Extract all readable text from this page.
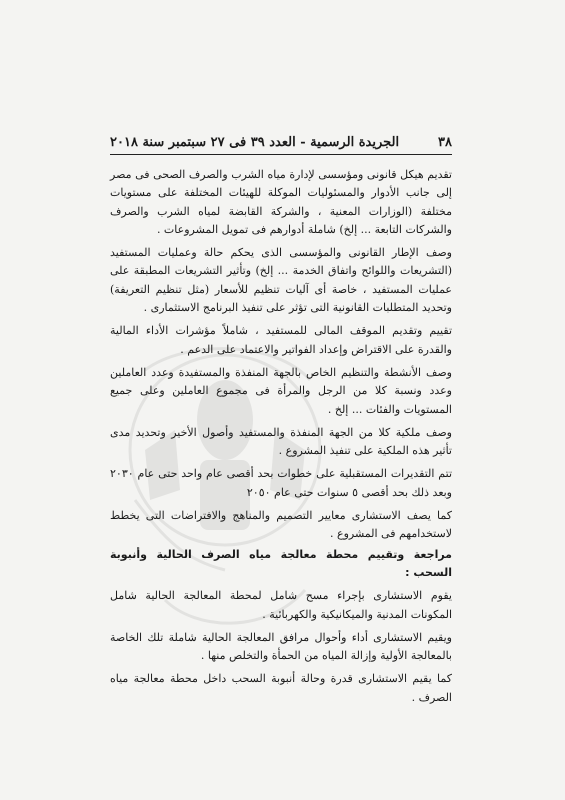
الجريدة الرسمية - العدد ٣٩ فى ٢٧ سبتمبر سنة ٢٠١٨	٣٨

تقديم هيكل قانونى ومؤسسى لإدارة مياه الشرب والصرف الصحى فى مصر إلى جانب الأدوار والمسئوليات الموكلة للهيئات المختلفة على مستويات مختلفة (الوزارات المعنية ، والشركة القابضة لمياه الشرب والصرف والشركات التابعة ... إلخ) شاملة أدوارهم فى تمويل المشروعات .

وصف الإطار القانونى والمؤسسى الذى يحكم حالة وعمليات المستفيد (التشريعات واللوائح واتفاق الخدمة ... إلخ) وتأثير التشريعات المطبقة على عمليات المستفيد ، خاصة أى آليات تنظيم للأسعار (مثل تنظيم التعريفة) وتحديد المتطلبات القانونية التى تؤثر على تنفيذ البرنامج الاستثمارى .

تقييم وتقديم الموقف المالى للمستفيد ، شاملاً مؤشرات الأداء المالية والقدرة على الاقتراض وإعداد الفواتير والاعتماد على الدعم .

وصف الأنشطة والتنظيم الخاص بالجهة المنفذة والمستفيدة وعدد العاملين وعدد ونسبة كلا من الرجل والمرأة فى مجموع العاملين وعلى جميع المستويات والفئات ... إلخ .

وصف ملكية كلا من الجهة المنفذة والمستفيد وأصول الأخير وتحديد مدى تأثير هذه الملكية على تنفيذ المشروع .

تتم التقديرات المستقبلية على خطوات بحد أقصى عام واحد حتى عام ٢٠٣٠ وبعد ذلك بحد أقصى ٥ سنوات حتى عام ٢٠٥٠

كما يصف الاستشارى معايير التصميم والمناهج والافتراضات التى يخطط لاستخدامهم فى المشروع .

مراجعة وتقييم محطة معالجة مياه الصرف الحالية وأنبوبة السحب :

يقوم الاستشارى بإجراء مسح شامل لمحطة المعالجة الحالية شامل المكونات المدنية والميكانيكية والكهربائية .

ويقيم الاستشارى أداء وأحوال مرافق المعالجة الحالية شاملة تلك الخاصة بالمعالجة الأولية وإزالة المياه من الحمأة والتخلص منها .

كما يقيم الاستشارى قدرة وحالة أنبوبة السحب داخل محطة معالجة مياه الصرف .
